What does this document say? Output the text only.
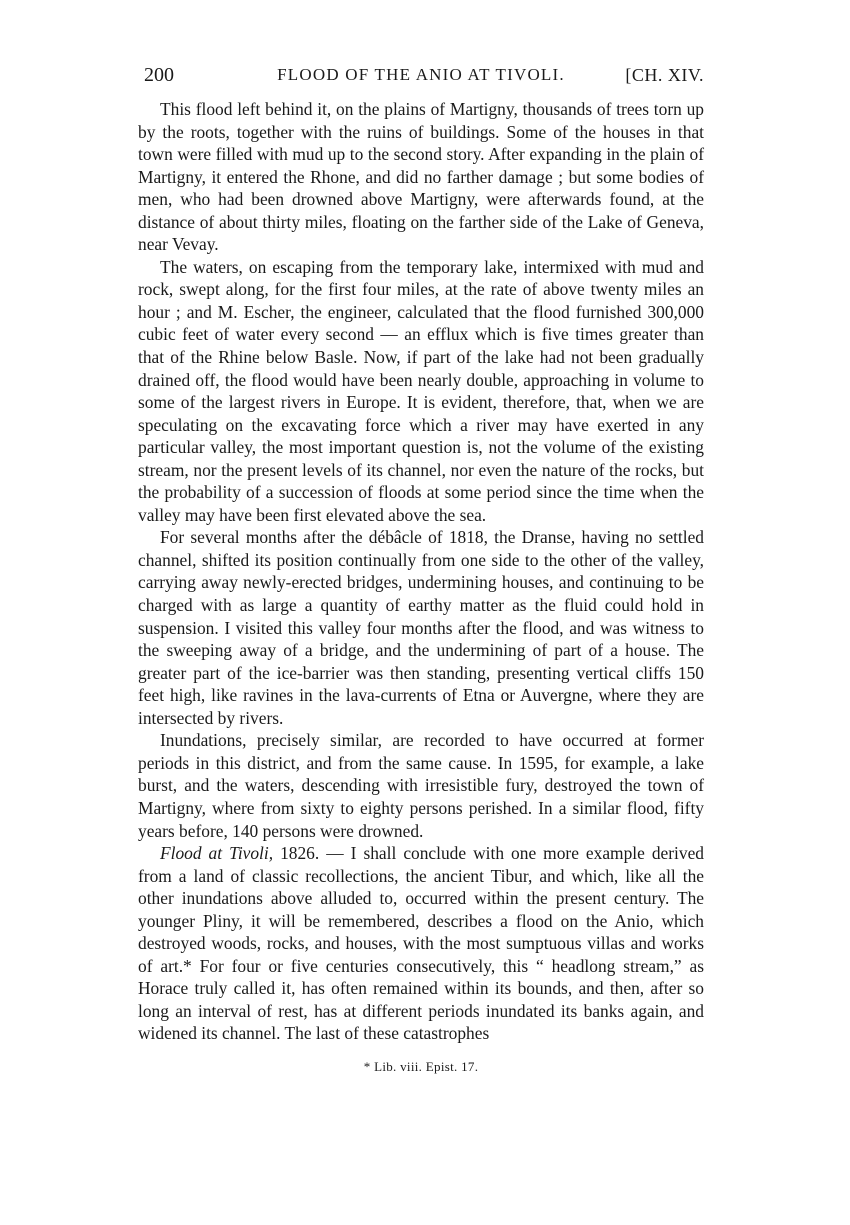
200	FLOOD OF THE ANIO AT TIVOLI.	[CH. XIV.

This flood left behind it, on the plains of Martigny, thousands of trees torn up by the roots, together with the ruins of buildings. Some of the houses in that town were filled with mud up to the second story. After expanding in the plain of Martigny, it entered the Rhone, and did no farther damage ; but some bodies of men, who had been drowned above Martigny, were afterwards found, at the distance of about thirty miles, floating on the farther side of the Lake of Geneva, near Vevay.

The waters, on escaping from the temporary lake, intermixed with mud and rock, swept along, for the first four miles, at the rate of above twenty miles an hour ; and M. Escher, the engineer, calculated that the flood furnished 300,000 cubic feet of water every second — an efflux which is five times greater than that of the Rhine below Basle. Now, if part of the lake had not been gradually drained off, the flood would have been nearly double, approaching in volume to some of the largest rivers in Europe. It is evident, therefore, that, when we are speculating on the excavating force which a river may have exerted in any particular valley, the most important question is, not the volume of the existing stream, nor the present levels of its channel, nor even the nature of the rocks, but the probability of a succession of floods at some period since the time when the valley may have been first elevated above the sea.

For several months after the débâcle of 1818, the Dranse, having no settled channel, shifted its position continually from one side to the other of the valley, carrying away newly-erected bridges, undermining houses, and continuing to be charged with as large a quantity of earthy matter as the fluid could hold in suspension. I visited this valley four months after the flood, and was witness to the sweeping away of a bridge, and the undermining of part of a house. The greater part of the ice-barrier was then standing, presenting vertical cliffs 150 feet high, like ravines in the lava-currents of Etna or Auvergne, where they are intersected by rivers.

Inundations, precisely similar, are recorded to have occurred at former periods in this district, and from the same cause. In 1595, for example, a lake burst, and the waters, descending with irresistible fury, destroyed the town of Martigny, where from sixty to eighty persons perished. In a similar flood, fifty years before, 140 persons were drowned.

Flood at Tivoli, 1826. — I shall conclude with one more example derived from a land of classic recollections, the ancient Tibur, and which, like all the other inundations above alluded to, occurred within the present century. The younger Pliny, it will be remembered, describes a flood on the Anio, which destroyed woods, rocks, and houses, with the most sumptuous villas and works of art.* For four or five centuries consecutively, this “ headlong stream,” as Horace truly called it, has often remained within its bounds, and then, after so long an interval of rest, has at different periods inundated its banks again, and widened its channel. The last of these catastrophes

* Lib. viii. Epist. 17.
